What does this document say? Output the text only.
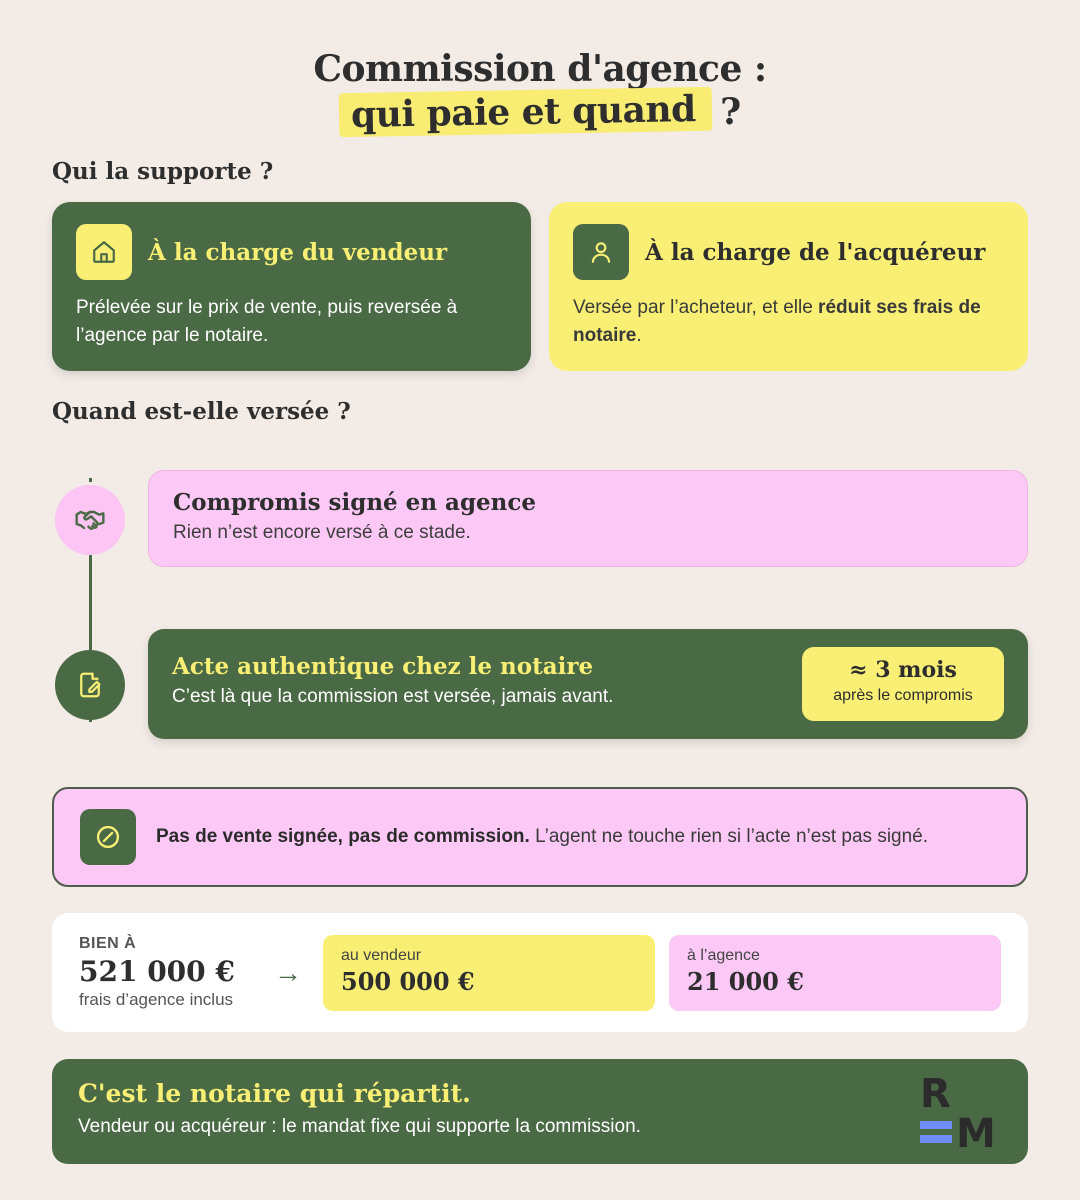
Commission d'agence :
qui paie et quand ?
Qui la supporte ?
À la charge du vendeur
Prélevée sur le prix de vente, puis reversée à l’agence par le notaire.
À la charge de l'acquéreur
Versée par l’acheteur, et elle réduit ses frais de notaire.
Quand est-elle versée ?
Compromis signé en agence
Rien n’est encore versé à ce stade.
Acte authentique chez le notaire
C’est là que la commission est versée, jamais avant.
≈ 3 mois
après le compromis
Pas de vente signée, pas de commission. L’agent ne touche rien si l’acte n’est pas signé.
BIEN À
521 000 €
frais d’agence inclus
→
au vendeur
500 000 €
à l’agence
21 000 €
C'est le notaire qui répartit.
Vendeur ou acquéreur : le mandat fixe qui supporte la commission.
R
M
